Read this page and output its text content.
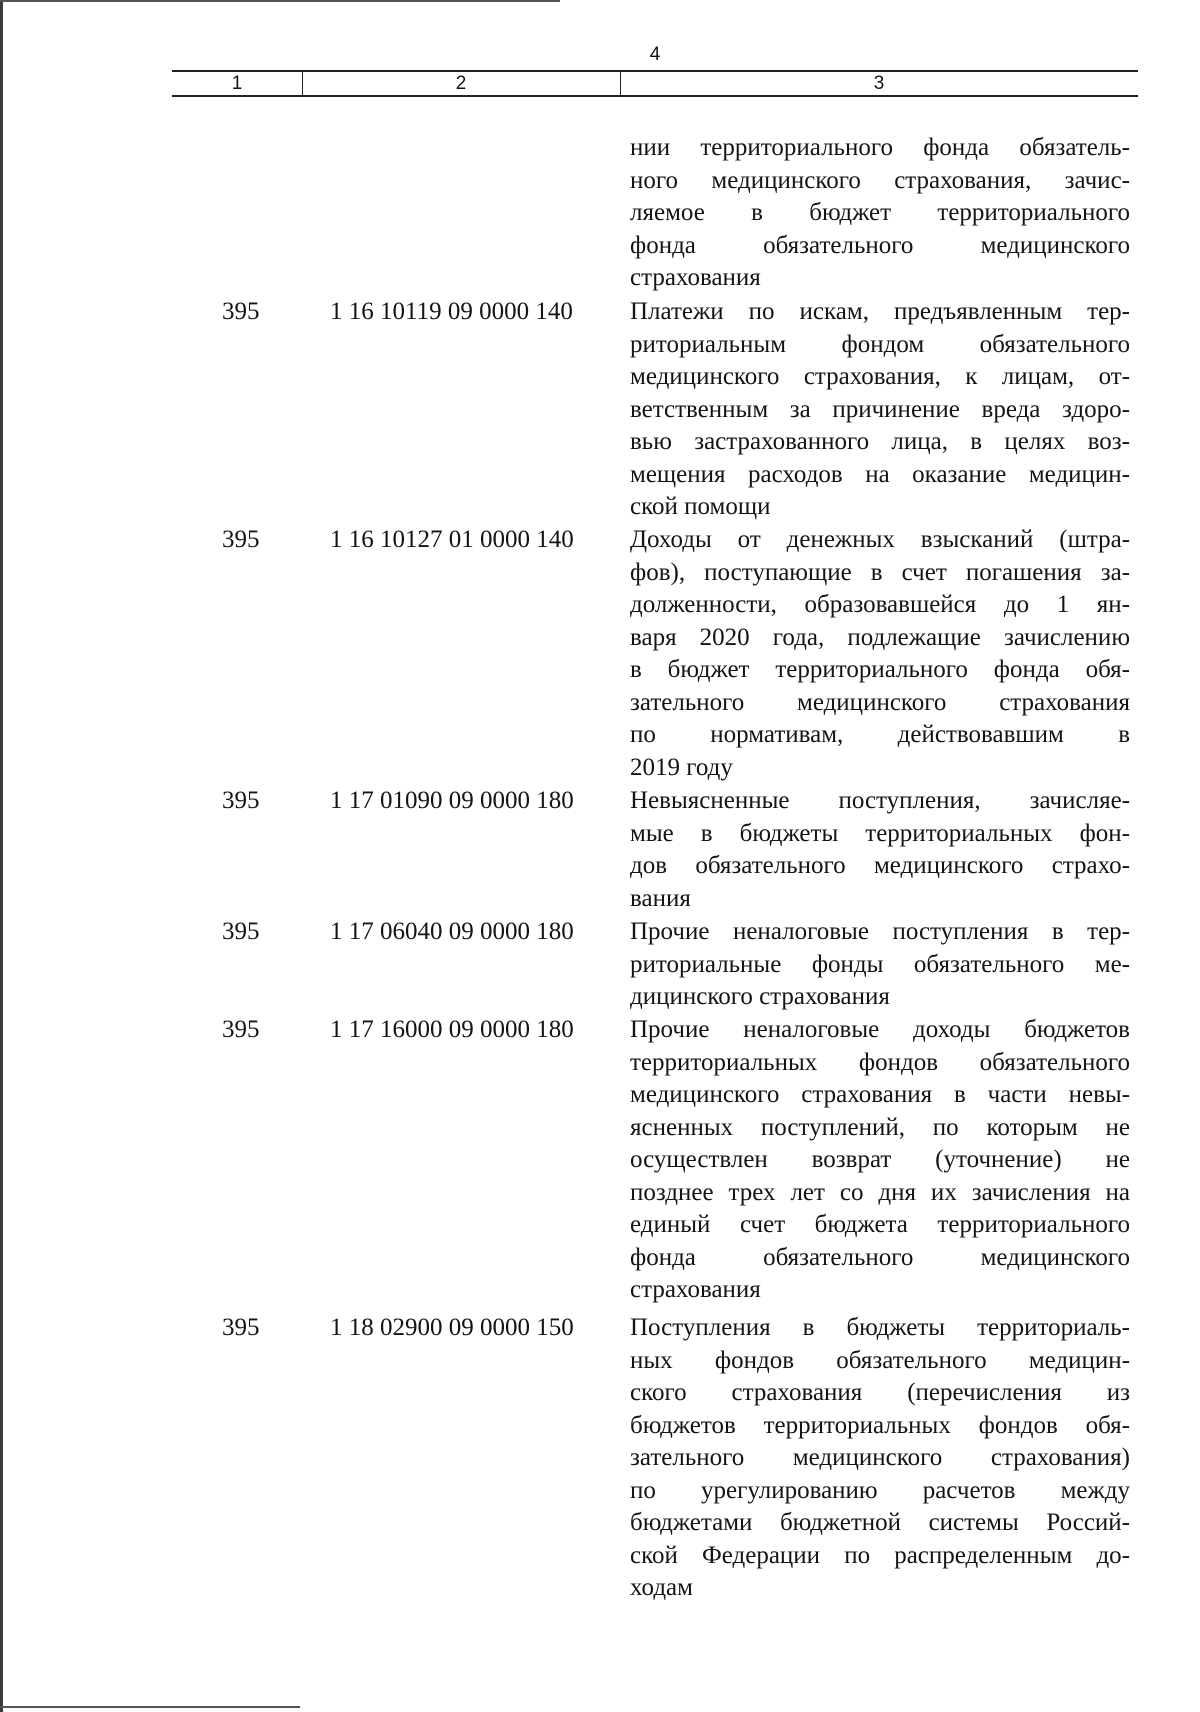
4
1	2	3
нии территориального фонда обязатель-
ного медицинского страхования, зачис-
ляемое в бюджет территориального
фонда обязательного медицинского
страхования
395	1 16 10119 09 0000 140	Платежи по искам, предъявленным тер-
риториальным фондом обязательного
медицинского страхования, к лицам, от-
ветственным за причинение вреда здоро-
вью застрахованного лица, в целях воз-
мещения расходов на оказание медицин-
ской помощи
395	1 16 10127 01 0000 140	Доходы от денежных взысканий (штра-
фов), поступающие в счет погашения за-
долженности, образовавшейся до 1 ян-
варя 2020 года, подлежащие зачислению
в бюджет территориального фонда обя-
зательного медицинского страхования
по нормативам, действовавшим в
2019 году
395	1 17 01090 09 0000 180	Невыясненные поступления, зачисляе-
мые в бюджеты территориальных фон-
дов обязательного медицинского страхо-
вания
395	1 17 06040 09 0000 180	Прочие неналоговые поступления в тер-
риториальные фонды обязательного ме-
дицинского страхования
395	1 17 16000 09 0000 180	Прочие неналоговые доходы бюджетов
территориальных фондов обязательного
медицинского страхования в части невы-
ясненных поступлений, по которым не
осуществлен возврат (уточнение) не
позднее трех лет со дня их зачисления на
единый счет бюджета территориального
фонда обязательного медицинского
страхования
395	1 18 02900 09 0000 150	Поступления в бюджеты территориаль-
ных фондов обязательного медицин-
ского страхования (перечисления из
бюджетов территориальных фондов обя-
зательного медицинского страхования)
по урегулированию расчетов между
бюджетами бюджетной системы Россий-
ской Федерации по распределенным до-
ходам
